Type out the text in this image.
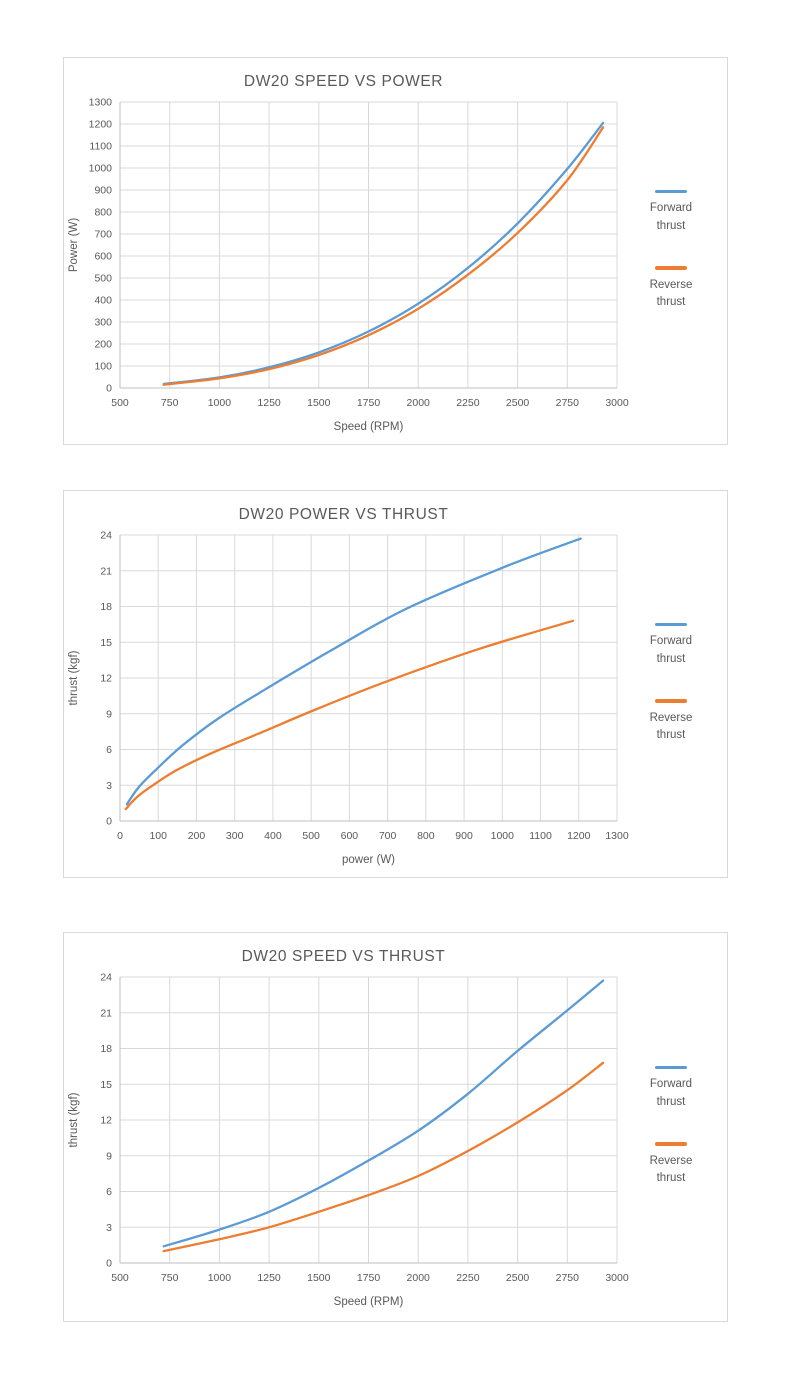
DW20 SPEED VS POWER
500	750	1000	1250	1500	1750	2000	2250	2500	2750	3000
0
100
200
300
400
500
600
700
800
900
1000
1100
1200
1300
Speed (RPM)
Power (W)
Forward thrust
Reverse thrust
DW20 POWER VS THRUST
0	100 200 300 400 500 600 700 800 900 1000 1100 1200 1300
0
3
6
9
12
15
18
21
24
power (W)
thrust (kgf)
Forward thrust
Reverse thrust
DW20 SPEED VS THRUST
500	750	1000	1250	1500	1750	2000	2250	2500	2750	3000
0
3
6
9
12
15
18
21
24
Speed (RPM)
thrust (kgf)
Forward thrust
Reverse thrust
